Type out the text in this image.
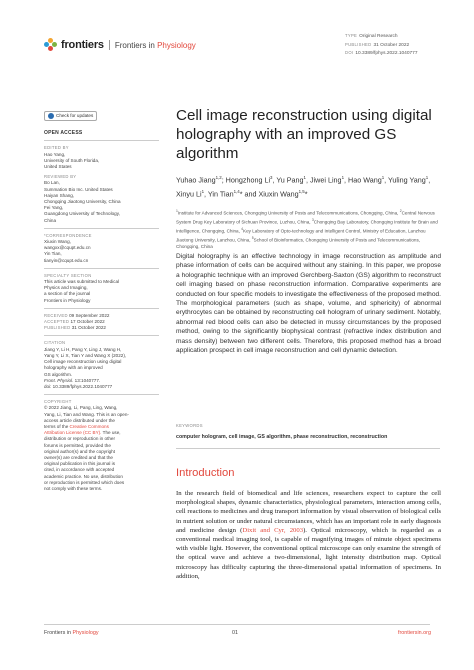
frontiers Frontiers in Physiology
TYPE Original Research
PUBLISHED 31 October 2022
DOI 10.3389/fphys.2022.1040777
Check for updates
OPEN ACCESS
EDITED BY
Hao Yang,
University of South Florida,
United States
REVIEWED BY
Bo Lan,
Summation Bio Inc. United States
Haiyan Shang,
Chongqing Jiaotong University, China
Fei Yang,
Guangdong University of Technology,
China
*CORRESPONDENCE
Xiuxin Wang,
wangxx@cqupt.edu.cn
Yin Tian,
tianyin@cqupt.edu.cn
SPECIALTY SECTION
This article was submitted to Medical
Physics and Imaging,
a section of the journal
Frontiers in Physiology
RECEIVED 09 September 2022
ACCEPTED 17 October 2022
PUBLISHED 31 October 2022
CITATION
Jiang Y, Li H, Pang Y, Ling J, Wang H,
Yang Y, Li X, Tian Y and Wang X (2022),
Cell image reconstruction using digital
holography with an improved
GS algorithm.
Front. Physiol. 13:1040777.
doi: 10.3389/fphys.2022.1040777
COPYRIGHT
© 2022 Jiang, Li, Pang, Ling, Wang,
Yang, Li, Tian and Wang. This is an open-
access article distributed under the
terms of the Creative Commons
Attribution License (CC BY). The use,
distribution or reproduction in other
forums is permitted, provided the
original author(s) and the copyright
owner(s) are credited and that the
original publication in this journal is
cited, in accordance with accepted
academic practice. No use, distribution
or reproduction is permitted which does
not comply with these terms.
Cell image reconstruction using digital holography with an improved GS algorithm
Yuhao Jiang$^{1,2}$; Hongzhong Li$^3$, Yu Pang$^1$, Jiwei Ling$^1$, Hao Wang$^1$, Yuling Yang$^1$, Xinyu Li$^1$, Yin Tian$^{1,4}$* and Xiuxin Wang$^{1,5}$*
$^1$Institute for Advanced Sciences, Chongqing University of Posts and Telecommunications, Chongqing, China, $^2$Central Nervous System Drug Key Laboratory of Sichuan Province, Luzhou, China, $^3$Chongqing Bay Laboratory, Chongqing Institute for Brain and Intelligence, Chongqing, China, $^4$Key Laboratory of Opto-technology and Intelligent Control, Ministry of Education, Lanzhou Jiaotong University, Lanzhou, China, $^5$School of Bioinformatics, Chongqing University of Posts and Telecommunications, Chongqing, China
Digital holography is an effective technology in image reconstruction as amplitude and phase information of cells can be acquired without any staining. In this paper, we propose a holographic technique with an improved Gerchberg-Saxton (GS) algorithm to reconstruct cell imaging based on phase reconstruction information. Comparative experiments are conducted on four specific models to investigate the effectiveness of the proposed method. The morphological parameters (such as shape, volume, and sphericity) of abnormal erythrocytes can be obtained by reconstructing cell hologram of urinary sediment. Notably, abnormal red blood cells can also be detected in mussy circumstances by the proposed method, owing to the significantly biophysical contrast (refractive index distribution and mass density) between two different cells. Therefore, this proposed method has a broad application prospect in cell image reconstruction and cell dynamic detection.
KEYWORDS
computer hologram, cell image, GS algorithm, phase reconstruction, reconstruction
Introduction
In the research field of biomedical and life sciences, researchers expect to capture the cell morphological shapes, dynamic characteristics, physiological parameters, interaction among cells, cell reactions to medicines and drug transport information by visual observation of biological cells in nutrient solution or under natural circumstances, which has an important role in early diagnosis and medicine design (Dixit and Cyr, 2003). Optical microscopy, which is regarded as a conventional medical imaging tool, is capable of magnifying images of minute object specimens with visible light. However, the conventional optical microscope can only examine the strength of the optical wave and achieve a two-dimensional, light intensity distribution map. Optical microscopy has difficulty capturing the three-dimensional spatial information of specimens. In addition,
Frontiers in Physiology	01	frontiersin.org
